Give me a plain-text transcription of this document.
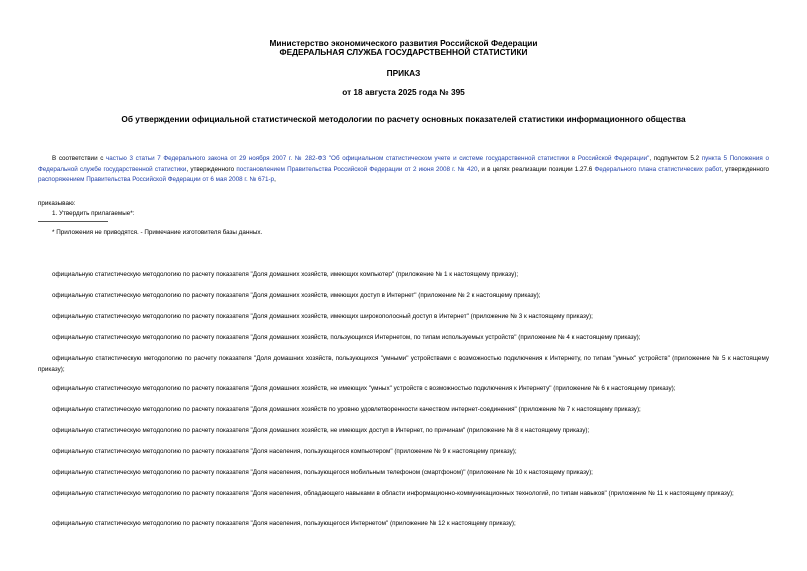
Министерство экономического развития Российской Федерации
ФЕДЕРАЛЬНАЯ СЛУЖБА ГОСУДАРСТВЕННОЙ СТАТИСТИКИ
ПРИКАЗ
от 18 августа 2025 года № 395
Об утверждении официальной статистической методологии по расчету основных показателей статистики информационного общества
В соответствии с частью 3 статьи 7 Федерального закона от 29 ноября 2007 г. № 282-ФЗ "Об официальном статистическом учете и системе государственной статистики в Российской Федерации", подпунктом 5.2 пункта 5 Положения о Федеральной службе государственной статистики, утвержденного постановлением Правительства Российской Федерации от 2 июня 2008 г. № 420, и в целях реализации позиции 1.27.6 Федерального плана статистических работ, утвержденного распоряжением Правительства Российской Федерации от 6 мая 2008 г. № 671-р,
приказываю:
1. Утвердить прилагаемые*:
* Приложения не приводятся. - Примечание изготовителя базы данных.
официальную статистическую методологию по расчету показателя "Доля домашних хозяйств, имеющих компьютер" (приложение № 1 к настоящему приказу);
официальную статистическую методологию по расчету показателя "Доля домашних хозяйств, имеющих доступ в Интернет" (приложение № 2 к настоящему приказу);
официальную статистическую методологию по расчету показателя "Доля домашних хозяйств, имеющих широкополосный доступ в Интернет" (приложение № 3 к настоящему приказу);
официальную статистическую методологию по расчету показателя "Доля домашних хозяйств, пользующихся Интернетом, по типам используемых устройств" (приложение № 4 к настоящему приказу);
официальную статистическую методологию по расчету показателя "Доля домашних хозяйств, пользующихся "умными" устройствами с возможностью подключения к Интернету, по типам "умных" устройств" (приложение № 5 к настоящему приказу);
официальную статистическую методологию по расчету показателя "Доля домашних хозяйств, не имеющих "умных" устройств с возможностью подключения к Интернету" (приложение № 6 к настоящему приказу);
официальную статистическую методологию по расчету показателя "Доля домашних хозяйств по уровню удовлетворенности качеством интернет-соединения" (приложение № 7 к настоящему приказу);
официальную статистическую методологию по расчету показателя "Доля домашних хозяйств, не имеющих доступ в Интернет, по причинам" (приложение № 8 к настоящему приказу);
официальную статистическую методологию по расчету показателя "Доля населения, пользующегося компьютером" (приложение № 9 к настоящему приказу);
официальную статистическую методологию по расчету показателя "Доля населения, пользующегося мобильным телефоном (смартфоном)" (приложение № 10 к настоящему приказу);
официальную статистическую методологию по расчету показателя "Доля населения, обладающего навыками в области информационно-коммуникационных технологий, по типам навыков" (приложение № 11 к настоящему приказу);
официальную статистическую методологию по расчету показателя "Доля населения, пользующегося Интернетом" (приложение № 12 к настоящему приказу);
